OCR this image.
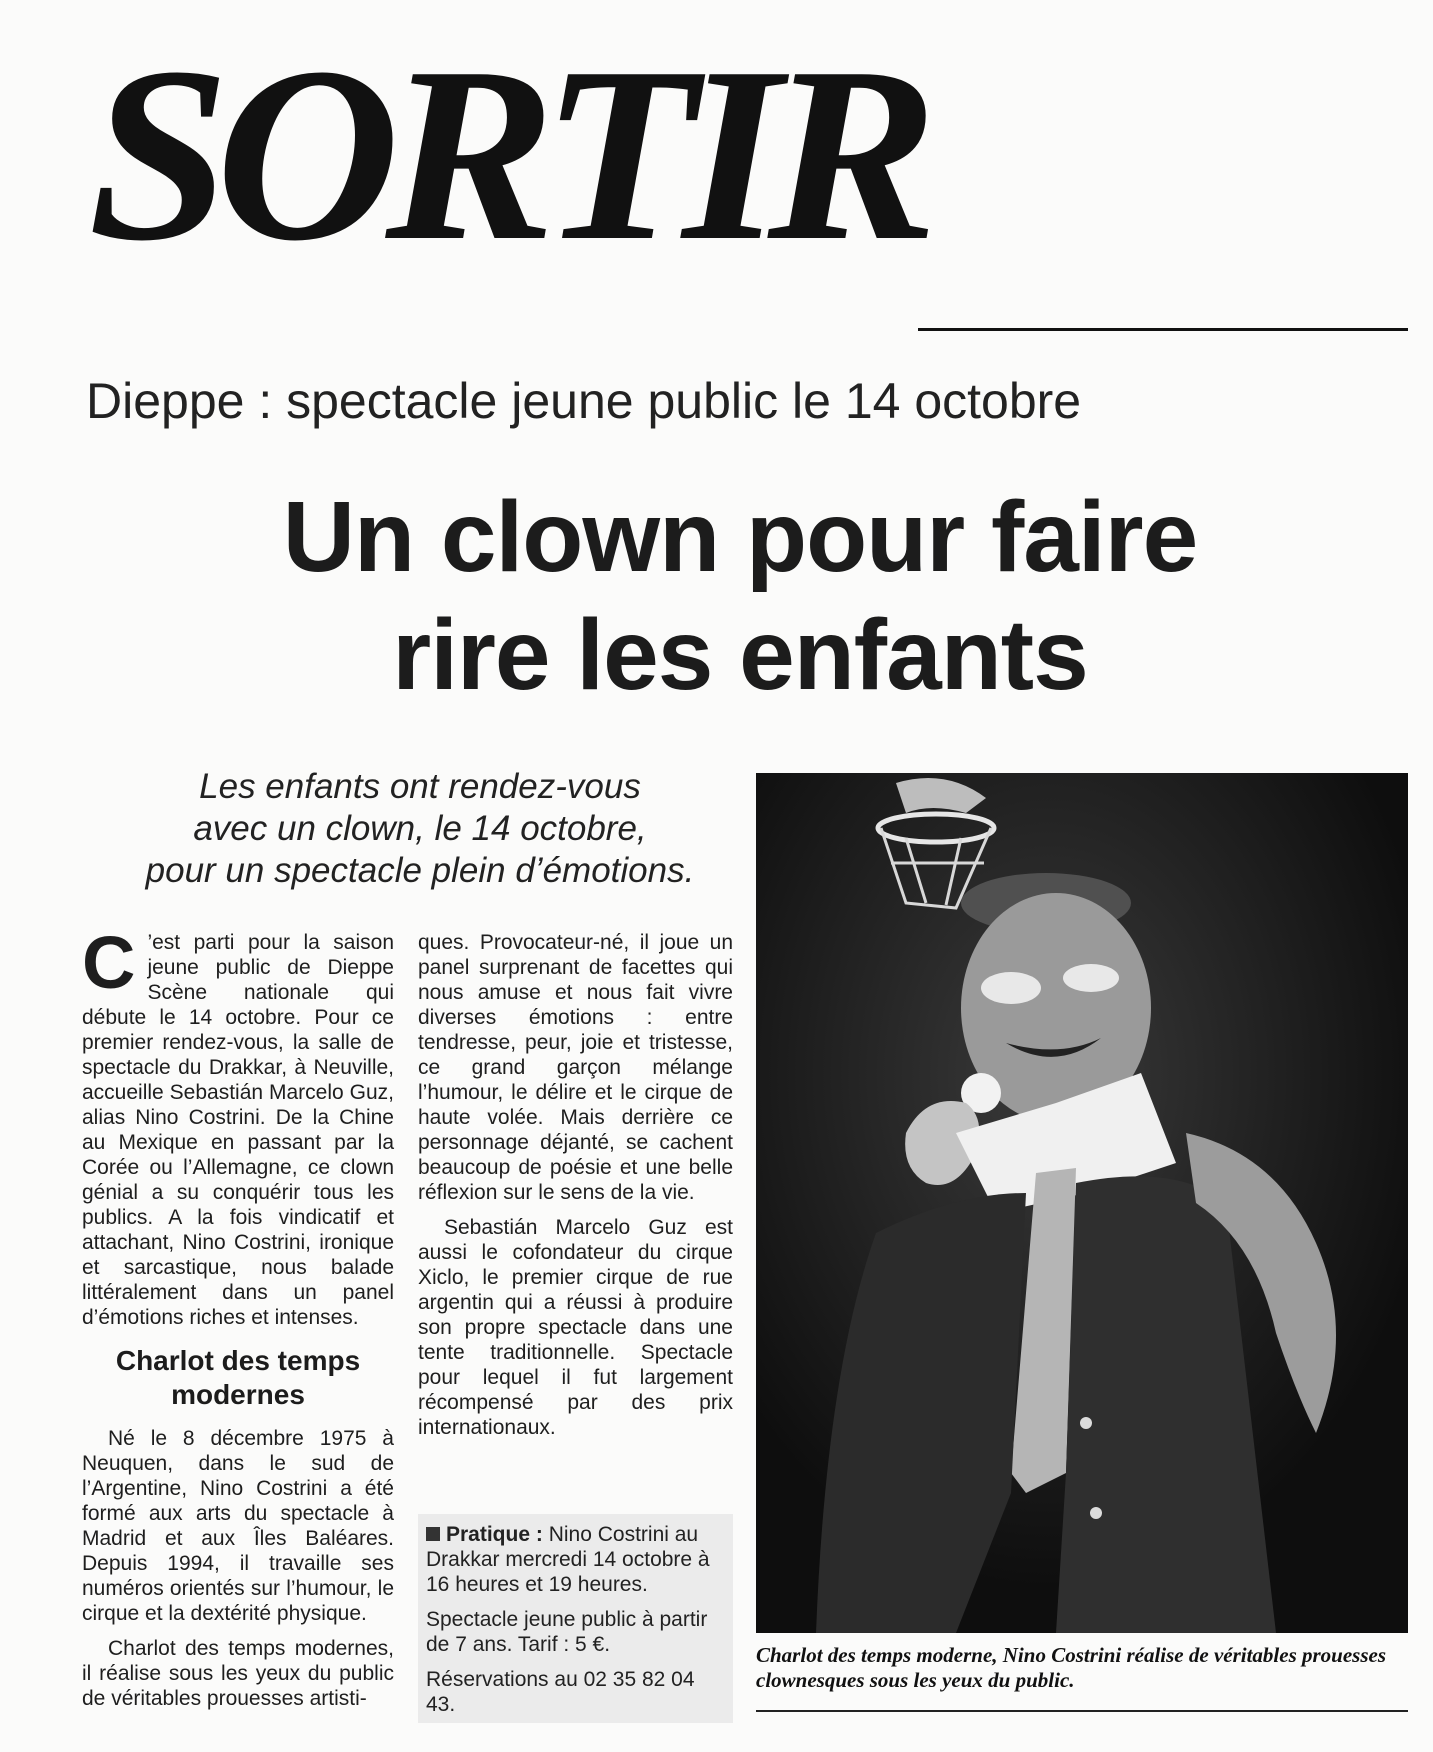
SORTIR
Dieppe : spectacle jeune public le 14 octobre
Un clown pour faire
rire les enfants
Les enfants ont rendez-vous
avec un clown, le 14 octobre,
pour un spectacle plein d’émotions.
C ’est parti pour la saison jeune public de Dieppe Scène nationale qui débute le 14 octobre. Pour ce premier rendez-vous, la salle de spectacle du Drakkar, à Neuville, accueille Sebastián Marcelo Guz, alias Nino Costrini. De la Chine au Mexique en passant par la Corée ou l’Allemagne, ce clown génial a su conquérir tous les publics. A la fois vindicatif et attachant, Nino Costrini, ironique et sarcastique, nous balade littéralement dans un panel d’émotions riches et intenses.

Charlot des temps
modernes

Né le 8 décembre 1975 à Neuquen, dans le sud de l’Argentine, Nino Costrini a été formé aux arts du spectacle à Madrid et aux Îles Baléares. Depuis 1994, il travaille ses numéros orientés sur l’humour, le cirque et la dextérité physique.

Charlot des temps modernes, il réalise sous les yeux du public de véritables prouesses artisti-

ques. Provocateur-né, il joue un panel surprenant de facettes qui nous amuse et nous fait vivre diverses émotions : entre tendresse, peur, joie et tristesse, ce grand garçon mélange l’humour, le délire et le cirque de haute volée. Mais derrière ce personnage déjanté, se cachent beaucoup de poésie et une belle réflexion sur le sens de la vie.

Sebastián Marcelo Guz est aussi le cofondateur du cirque Xiclo, le premier cirque de rue argentin qui a réussi à produire son propre spectacle dans une tente traditionnelle. Spectacle pour lequel il fut largement récompensé par des prix internationaux.

Pratique : Nino Costrini au Drakkar mercredi 14 octobre à 16 heures et 19 heures.

Spectacle jeune public à partir de 7 ans. Tarif : 5 €.

Réservations au 02 35 82 04 43.

Charlot des temps moderne, Nino Costrini réalise de véritables prouesses clownesques sous les yeux du public.
